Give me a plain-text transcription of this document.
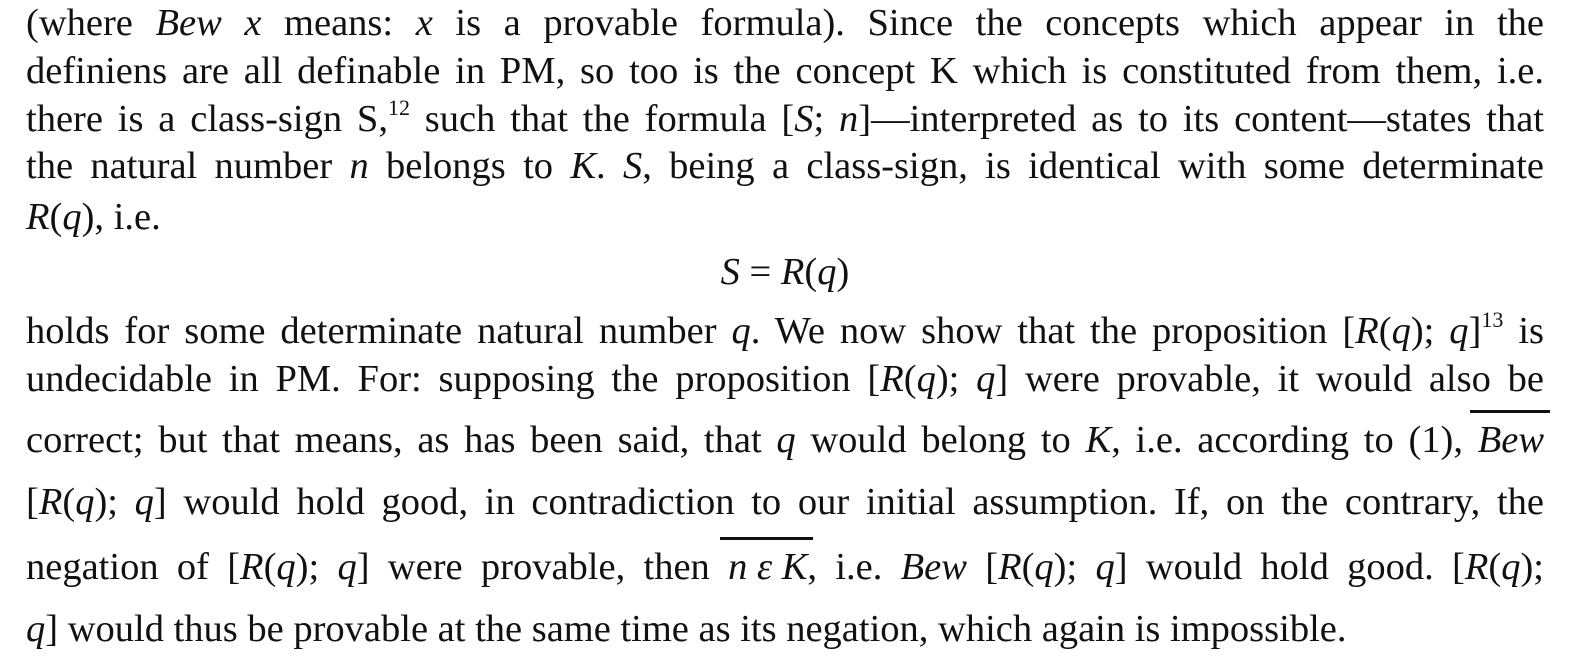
(where Bew x means: x is a provable formula). Since the concepts which appear in the
definiens are all definable in PM, so too is the concept K which is constituted from them, i.e.
there is a class-sign S,$^{12}$ such that the formula [S; n]—interpreted as to its content—states that
the natural number n belongs to K. S, being a class-sign, is identical with some determinate
R(q), i.e.
S = R(q)
holds for some determinate natural number q. We now show that the proposition [R(q); q]$^{13}$ is
undecidable in PM. For: supposing the proposition [R(q); q] were provable, it would also be
correct; but that means, as has been said, that q would belong to K, i.e. according to (1), Bew
[R(q); q] would hold good, in contradiction to our initial assumption. If, on the contrary, the
negation of [R(q); q] were provable, then n ε K, i.e. Bew [R(q); q] would hold good. [R(q);
q] would thus be provable at the same time as its negation, which again is impossible.
